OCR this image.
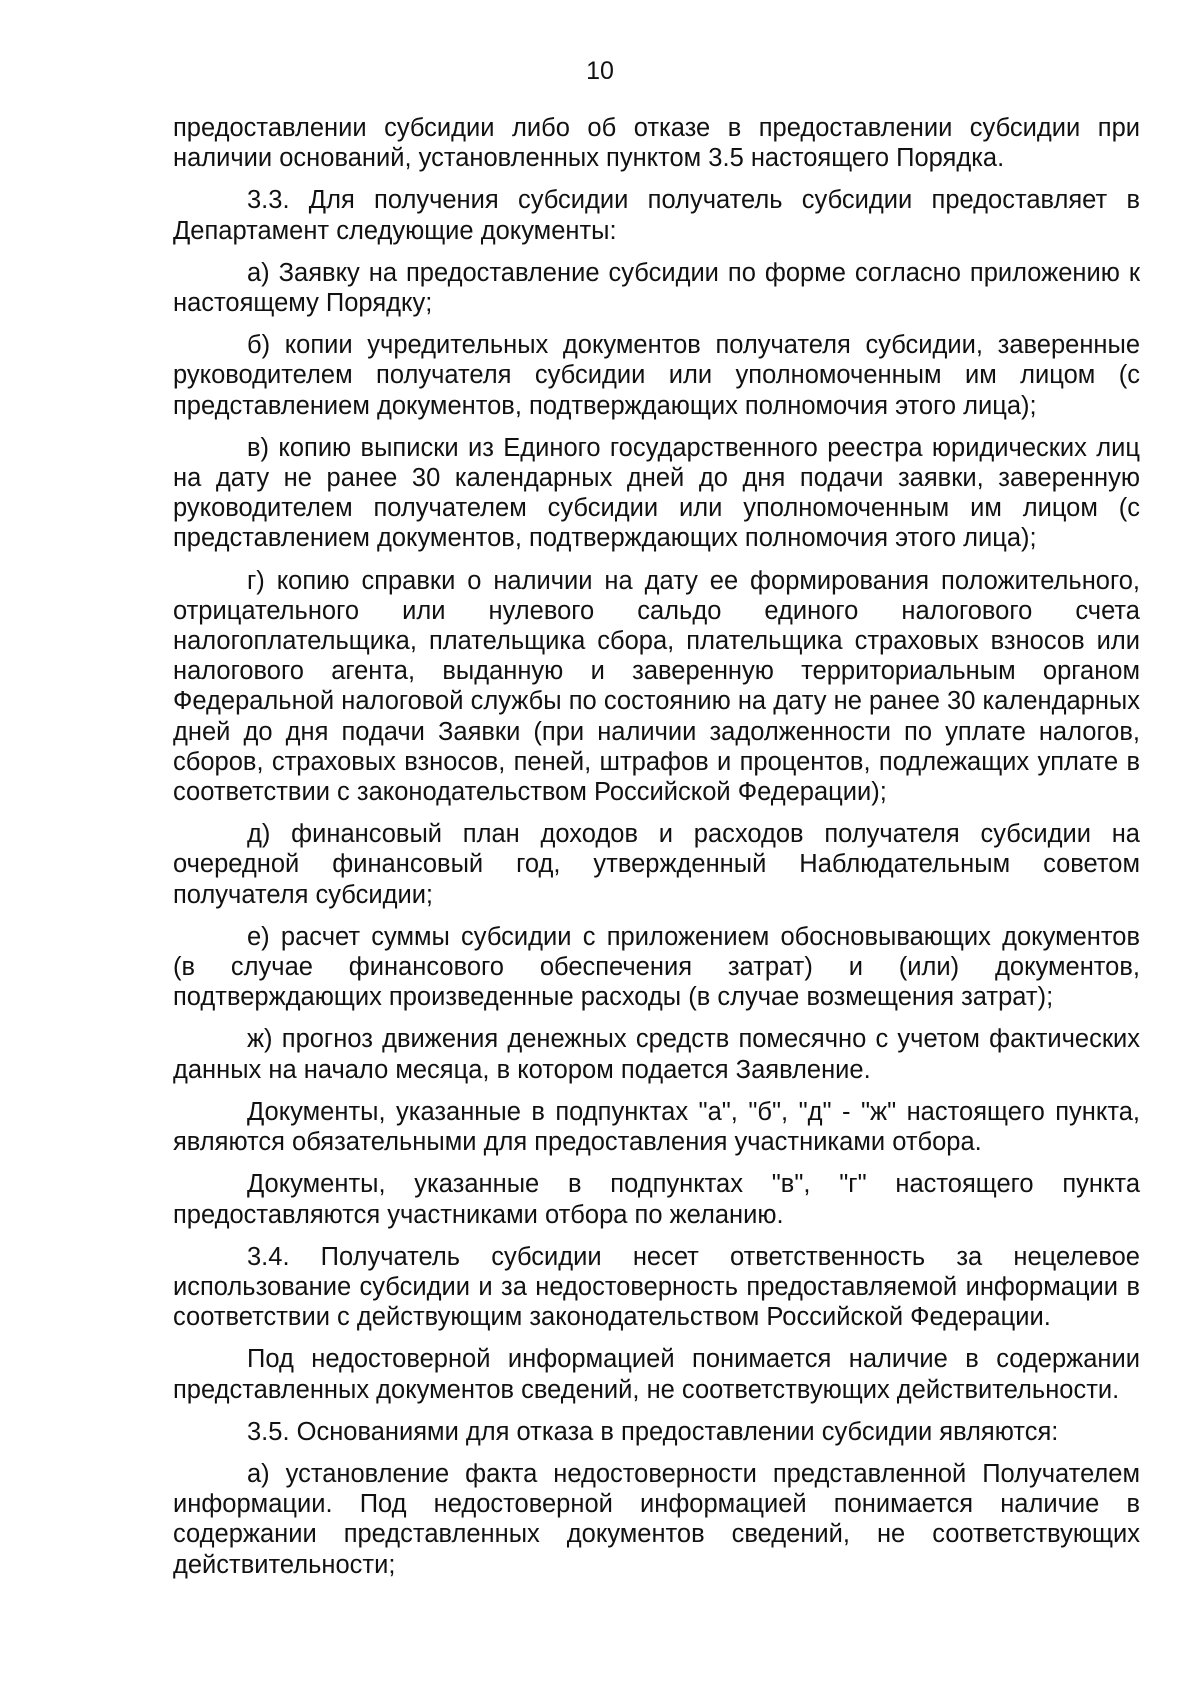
10

предоставлении субсидии либо об отказе в предоставлении субсидии при наличии оснований, установленных пунктом 3.5 настоящего Порядка.

3.3. Для получения субсидии получатель субсидии предоставляет в Департамент следующие документы:

а) Заявку на предоставление субсидии по форме согласно приложению к настоящему Порядку;

б) копии учредительных документов получателя субсидии, заверенные руководителем получателя субсидии или уполномоченным им лицом (с представлением документов, подтверждающих полномочия этого лица);

в) копию выписки из Единого государственного реестра юридических лиц на дату не ранее 30 календарных дней до дня подачи заявки, заверенную руководителем получателем субсидии или уполномоченным им лицом (с представлением документов, подтверждающих полномочия этого лица);

г) копию справки о наличии на дату ее формирования положительного, отрицательного или нулевого сальдо единого налогового счета налогоплательщика, плательщика сбора, плательщика страховых взносов или налогового агента, выданную и заверенную территориальным органом Федеральной налоговой службы по состоянию на дату не ранее 30 календарных дней до дня подачи Заявки (при наличии задолженности по уплате налогов, сборов, страховых взносов, пеней, штрафов и процентов, подлежащих уплате в соответствии с законодательством Российской Федерации);

д) финансовый план доходов и расходов получателя субсидии на очередной финансовый год, утвержденный Наблюдательным советом получателя субсидии;

е) расчет суммы субсидии с приложением обосновывающих документов (в случае финансового обеспечения затрат) и (или) документов, подтверждающих произведенные расходы (в случае возмещения затрат);

ж) прогноз движения денежных средств помесячно с учетом фактических данных на начало месяца, в котором подается Заявление.

Документы, указанные в подпунктах "а", "б", "д" - "ж" настоящего пункта, являются обязательными для предоставления участниками отбора.

Документы, указанные в подпунктах "в", "г" настоящего пункта предоставляются участниками отбора по желанию.

3.4. Получатель субсидии несет ответственность за нецелевое использование субсидии и за недостоверность предоставляемой информации в соответствии с действующим законодательством Российской Федерации.

Под недостоверной информацией понимается наличие в содержании представленных документов сведений, не соответствующих действительности.

3.5. Основаниями для отказа в предоставлении субсидии являются:

а) установление факта недостоверности представленной Получателем информации. Под недостоверной информацией понимается наличие в содержании представленных документов сведений, не соответствующих действительности;
